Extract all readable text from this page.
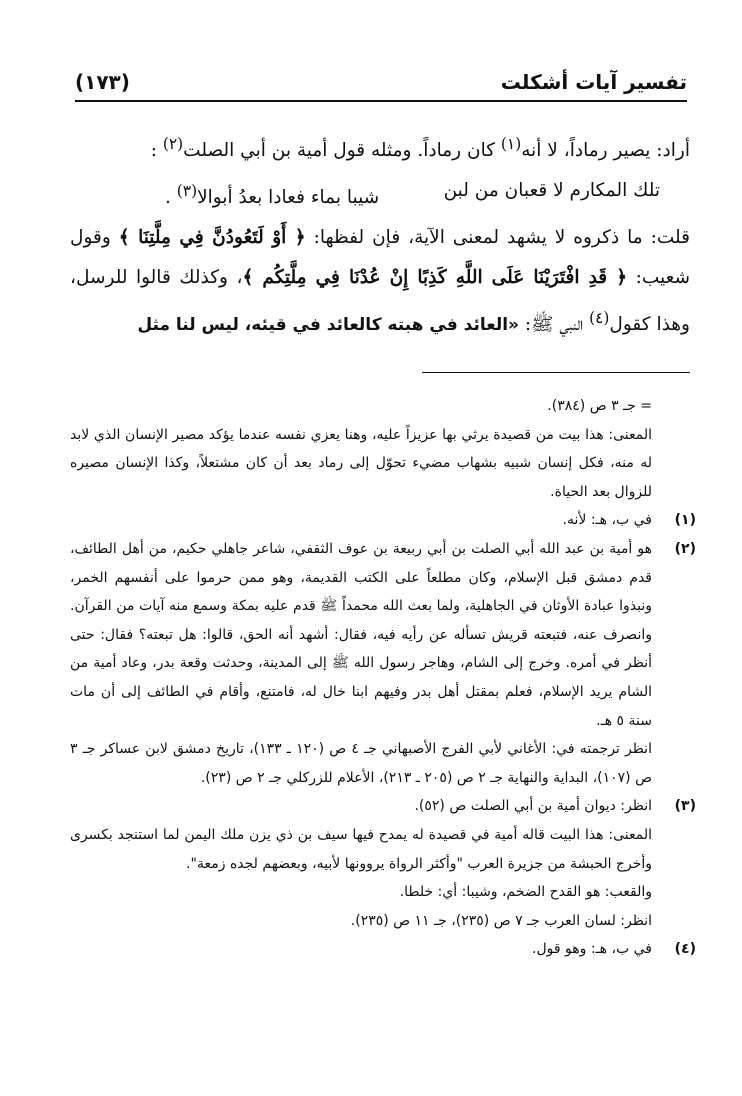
تفسير آيات أشكلت
(١٧٣)

أراد: يصير رماداً، لا أنه$^{(١)}$ كان رماداً. ومثله قول أمية بن أبي الصلت$^{(٢)}$ :

تلك المكارم لا قعبان من لبن
شيبا بماء فعادا بعدُ أبوالا$^{(٣)}$ .

قلت: ما ذكروه لا يشهد لمعنى الآية، فإن لفظها: ﴿ أَوْ لَتَعُودُنَّ فِي مِلَّتِنَا ﴾ وقول شعيب: ﴿ قَدِ افْتَرَيْنَا عَلَى اللَّهِ كَذِبًا إِنْ عُدْنَا فِي مِلَّتِكُم ﴾، وكذلك قالوا للرسل، وهذا كقول$^{(٤)}$ النبي ﷺ: «العائد في هبته كالعائد في قيئه، ليس لنا مثل

= جـ ٣ ص (٣٨٤).

المعنى: هذا بيت من قصيدة يرثي بها عزيزاً عليه، وهنا يعزي نفسه عندما يؤكد مصير الإنسان الذي لابد له منه، فكل إنسان شبيه بشهاب مضيء تحوّل إلى رماد بعد أن كان مشتعلاً، وكذا الإنسان مصيره للزوال بعد الحياة.

(١)

في ب، هـ: لأنه.

(٢)

هو أمية بن عبد الله أبي الصلت بن أبي ربيعة بن عوف الثقفي، شاعر جاهلي حكيم، من أهل الطائف، قدم دمشق قبل الإسلام، وكان مطلعاً على الكتب القديمة، وهو ممن حرموا على أنفسهم الخمر، ونبذوا عبادة الأوثان في الجاهلية، ولما بعث الله محمداً ﷺ قدم عليه بمكة وسمع منه آيات من القرآن. وانصرف عنه، فتبعته قريش تسأله عن رأيه فيه، فقال: أشهد أنه الحق، قالوا: هل تبعته؟ فقال: حتى أنظر في أمره. وخرج إلى الشام، وهاجر رسول الله ﷺ إلى المدينة، وحدثت وقعة بدر، وعاد أمية من الشام يريد الإسلام، فعلم بمقتل أهل بدر وفيهم ابنا خال له، فامتنع، وأقام في الطائف إلى أن مات سنة ٥ هـ.

انظر ترجمته في: الأغاني لأبي الفرج الأصبهاني جـ ٤ ص (١٢٠ ـ ١٣٣)، تاريخ دمشق لابن عساكر جـ ٣ ص (١٠٧)، البداية والنهاية جـ ٢ ص (٢٠٥ ـ ٢١٣)، الأعلام للزركلي جـ ٢ ص (٢٣).

(٣)

انظر: ديوان أمية بن أبي الصلت ص (٥٢).

المعنى: هذا البيت قاله أمية في قصيدة له يمدح فيها سيف بن ذي يزن ملك اليمن لما استنجد بكسرى وأخرج الحبشة من جزيرة العرب "وأكثر الرواة يروونها لأبيه، وبعضهم لجده زمعة".

والقعب: هو القدح الضخم، وشيبا: أي: خلطا.

انظر: لسان العرب جـ ٧ ص (٢٣٥)، جـ ١١ ص (٢٣٥).

(٤)

في ب، هـ: وهو قول.
